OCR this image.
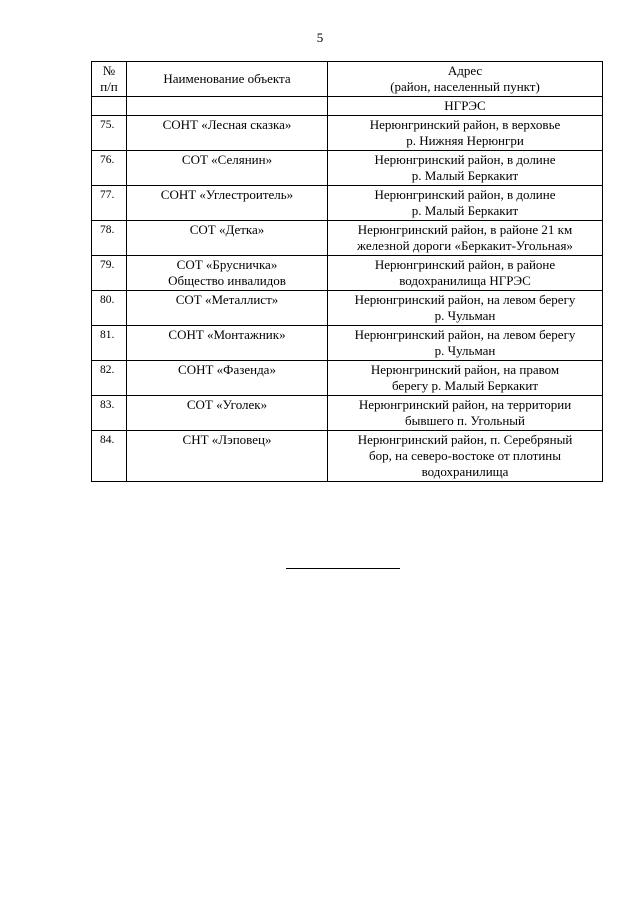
5
№
п/п	Наименование объекта	Адрес
(район, населенный пункт)

		НГРЭС

75.	СОНТ «Лесная сказка»	Нерюнгринский район, в верховье
р. Нижняя Нерюнгри

76.	СОТ «Селянин»	Нерюнгринский район, в долине
р. Малый Беркакит

77.	СОНТ «Углестроитель»	Нерюнгринский район, в долине
р. Малый Беркакит

78.	СОТ «Детка»	Нерюнгринский район, в районе 21 км
железной дороги «Беркакит-Угольная»

79.	СОТ «Брусничка»
Общество инвалидов	Нерюнгринский район, в районе
водохранилища НГРЭС

80.	СОТ «Металлист»	Нерюнгринский район, на левом берегу
р. Чульман

81.	СОНТ «Монтажник»	Нерюнгринский район, на левом берегу
р. Чульман

82.	СОНТ «Фазенда»	Нерюнгринский район, на правом
берегу р. Малый Беркакит

83.	СОТ «Уголек»	Нерюнгринский район, на территории
бывшего п. Угольный

84.	СНТ «Лэповец»	Нерюнгринский район, п. Серебряный
бор, на северо-востоке от плотины
водохранилища
